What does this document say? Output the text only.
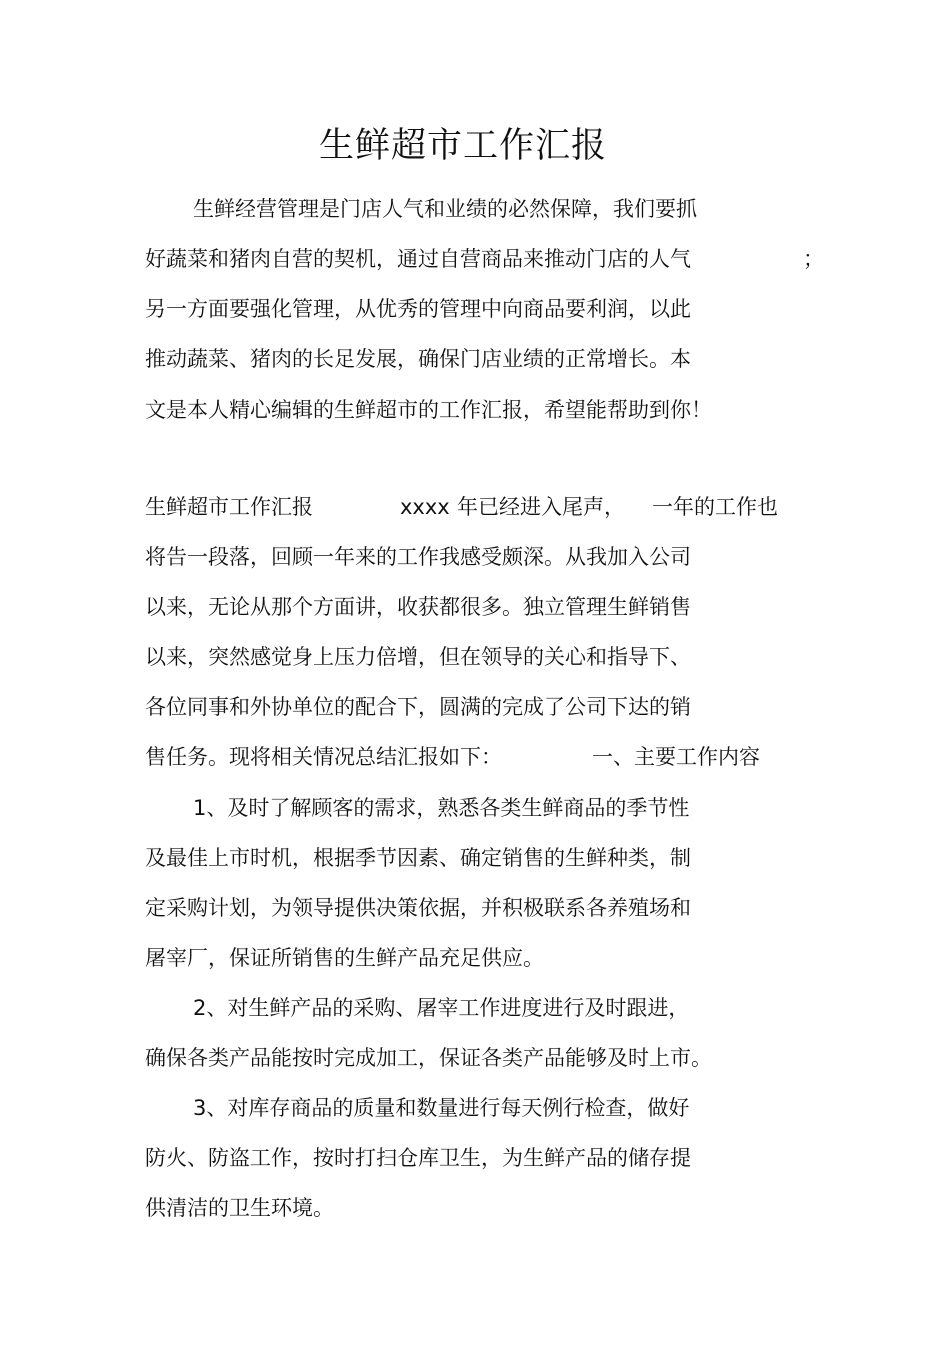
生鲜超市工作汇报
生鲜经营管理是门店人气和业绩的必然保障，我们要抓
好蔬菜和猪肉自营的契机，通过自营商品来推动门店的人气	；
另一方面要强化管理，从优秀的管理中向商品要利润，以此
推动蔬菜、猪肉的长足发展，确保门店业绩的正常增长。本
文是本人精心编辑的生鲜超市的工作汇报，希望能帮助到你！
生鲜超市工作汇报	xxxx 年已经进入尾声， 一年的工作也
将告一段落，回顾一年来的工作我感受颇深。从我加入公司
以来，无论从那个方面讲，收获都很多。独立管理生鲜销售
以来，突然感觉身上压力倍增，但在领导的关心和指导下、
各位同事和外协单位的配合下，圆满的完成了公司下达的销
售任务。现将相关情况总结汇报如下：	一、主要工作内容
1、及时了解顾客的需求，熟悉各类生鲜商品的季节性
及最佳上市时机，根据季节因素、确定销售的生鲜种类，制
定采购计划，为领导提供决策依据，并积极联系各养殖场和
屠宰厂，保证所销售的生鲜产品充足供应。
2、对生鲜产品的采购、屠宰工作进度进行及时跟进，
确保各类产品能按时完成加工，保证各类产品能够及时上市。
3、对库存商品的质量和数量进行每天例行检查，做好
防火、防盗工作，按时打扫仓库卫生，为生鲜产品的储存提
供清洁的卫生环境。
